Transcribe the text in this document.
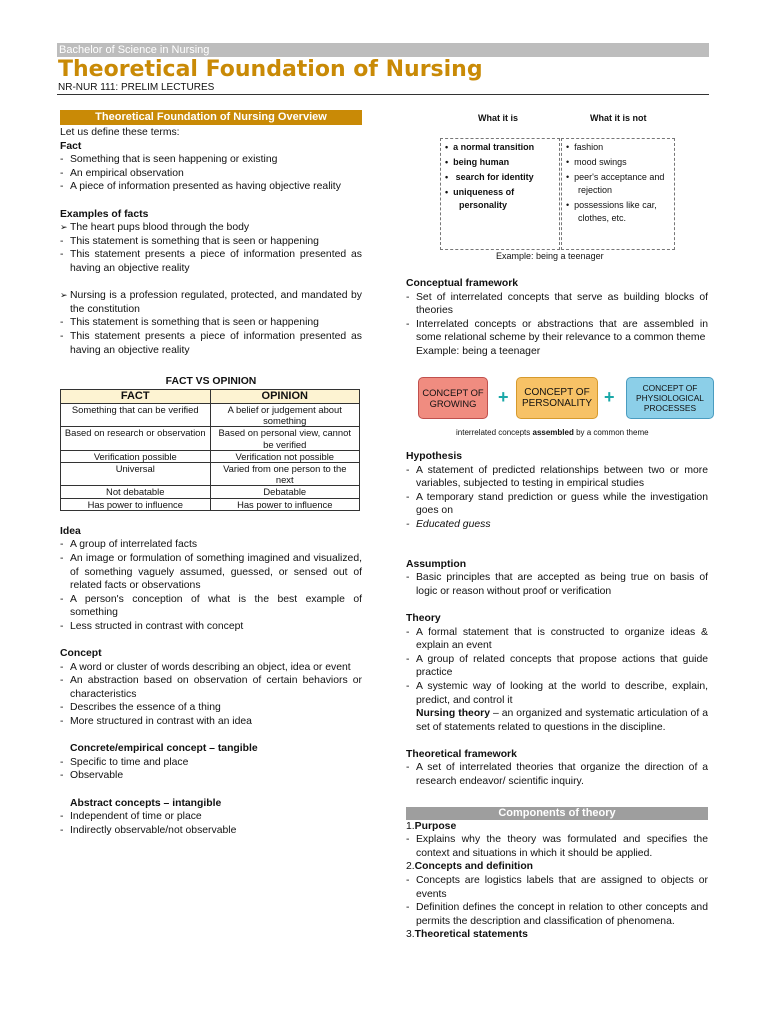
Bachelor of Science in Nursing
Theoretical Foundation of Nursing
NR-NUR 111: PRELIM LECTURES
Theoretical Foundation of Nursing Overview

Let us define these terms:

Fact

- Something that is seen happening or existing

- An empirical observation

- A piece of information presented as having objective reality

Examples of facts

➢ The heart pups blood through the body

- This statement is something that is seen or happening

- This statement presents a piece of information presented as having an objective reality

➢ Nursing is a profession regulated, protected, and mandated by the constitution

- This statement is something that is seen or happening

- This statement presents a piece of information presented as having an objective reality

FACT VS OPINION

FACT	OPINION
Something that can be verified	A belief or judgement about something
Based on research or observation	Based on personal view, cannot be verified
Verification possible	Verification not possible
Universal	Varied from one person to the next
Not debatable	Debatable
Has power to influence	Has power to influence

Idea

- A group of interrelated facts

- An image or formulation of something imagined and visualized, of something vaguely assumed, guessed, or sensed out of related facts or observations

- A person's conception of what is the best example of something

- Less structed in contrast with concept

Concept

- A word or cluster of words describing an object, idea or event

- An abstraction based on observation of certain behaviors or characteristics

- Describes the essence of a thing

- More structured in contrast with an idea

Concrete/empirical concept – tangible

- Specific to time and place

- Observable

Abstract concepts – intangible

- Independent of time or place

- Indirectly observable/not observable

What it is	What it is not
•  a normal transition
•  being human
•   search for identity
•  uniqueness of personality
•  fashion
•  mood swings
•  peer's acceptance and rejection
•  possessions like car, clothes, etc.
Example: being a teenager

Conceptual framework

- Set of interrelated concepts that serve as building blocks of theories

- Interrelated concepts or abstractions that are assembled in some relational scheme by their relevance to a common theme

Example: being a teenager

CONCEPT OF GROWING	+	CONCEPT OF PERSONALITY +	CONCEPT OF PHYSIOLOGICAL PROCESSES
interrelated concepts assembled by a common theme

Hypothesis

- A statement of predicted relationships between two or more variables, subjected to testing in empirical studies

- A temporary stand prediction or guess while the investigation goes on

- Educated guess

Assumption

- Basic principles that are accepted as being true on basis of logic or reason without proof or verification

Theory

- A formal statement that is constructed to organize ideas & explain an event

- A group of related concepts that propose actions that guide practice

- A systemic way of looking at the world to describe, explain, predict, and control it

Nursing theory – an organized and systematic articulation of a set of statements related to questions in the discipline.

Theoretical framework

- A set of interrelated theories that organize the direction of a research endeavor/ scientific inquiry.

Components of theory

1.Purpose

- Explains why the theory was formulated and specifies the context and situations in which it should be applied.

2.Concepts and definition

- Concepts are logistics labels that are assigned to objects or events

- Definition defines the concept in relation to other concepts and permits the description and classification of phenomena.

3.Theoretical statements
